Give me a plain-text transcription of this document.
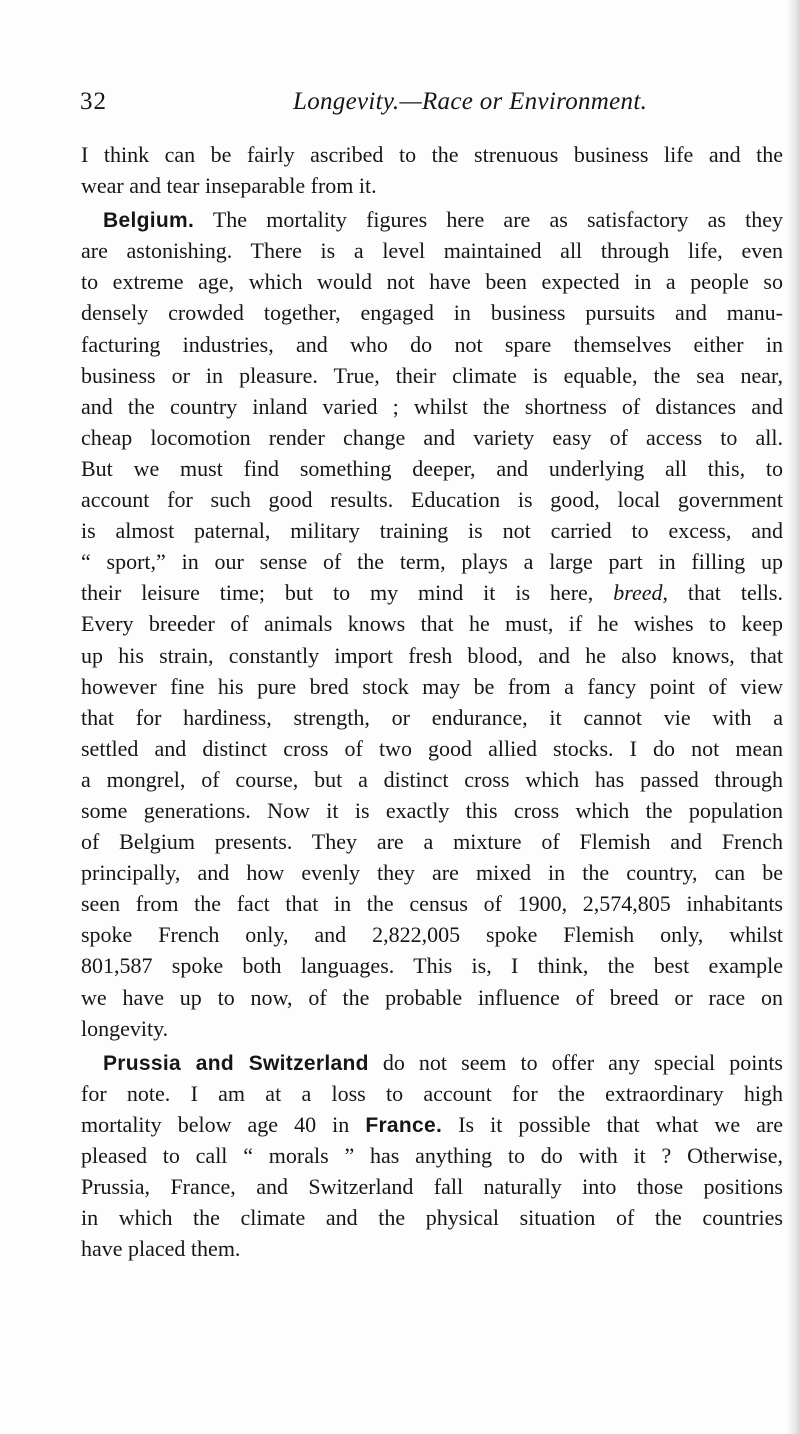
32	Longevity.—Race or Environment.
I think can be fairly ascribed to the strenuous business life and the
wear and tear inseparable from it.
Belgium. The mortality figures here are as satisfactory as they
are astonishing. There is a level maintained all through life, even
to extreme age, which would not have been expected in a people so
densely crowded together, engaged in business pursuits and manu-
facturing industries, and who do not spare themselves either in
business or in pleasure. True, their climate is equable, the sea near,
and the country inland varied ; whilst the shortness of distances and
cheap locomotion render change and variety easy of access to all.
But we must find something deeper, and underlying all this, to
account for such good results. Education is good, local government
is almost paternal, military training is not carried to excess, and
“ sport,” in our sense of the term, plays a large part in filling up
their leisure time; but to my mind it is here, breed, that tells.
Every breeder of animals knows that he must, if he wishes to keep
up his strain, constantly import fresh blood, and he also knows, that
however fine his pure bred stock may be from a fancy point of view
that for hardiness, strength, or endurance, it cannot vie with a
settled and distinct cross of two good allied stocks. I do not mean
a mongrel, of course, but a distinct cross which has passed through
some generations. Now it is exactly this cross which the population
of Belgium presents. They are a mixture of Flemish and French
principally, and how evenly they are mixed in the country, can be
seen from the fact that in the census of 1900, 2,574,805 inhabitants
spoke French only, and 2,822,005 spoke Flemish only, whilst
801,587 spoke both languages. This is, I think, the best example
we have up to now, of the probable influence of breed or race on
longevity.
Prussia and Switzerland do not seem to offer any special points
for note. I am at a loss to account for the extraordinary high
mortality below age 40 in France. Is it possible that what we are
pleased to call “ morals ” has anything to do with it ? Otherwise,
Prussia, France, and Switzerland fall naturally into those positions
in which the climate and the physical situation of the countries
have placed them.
